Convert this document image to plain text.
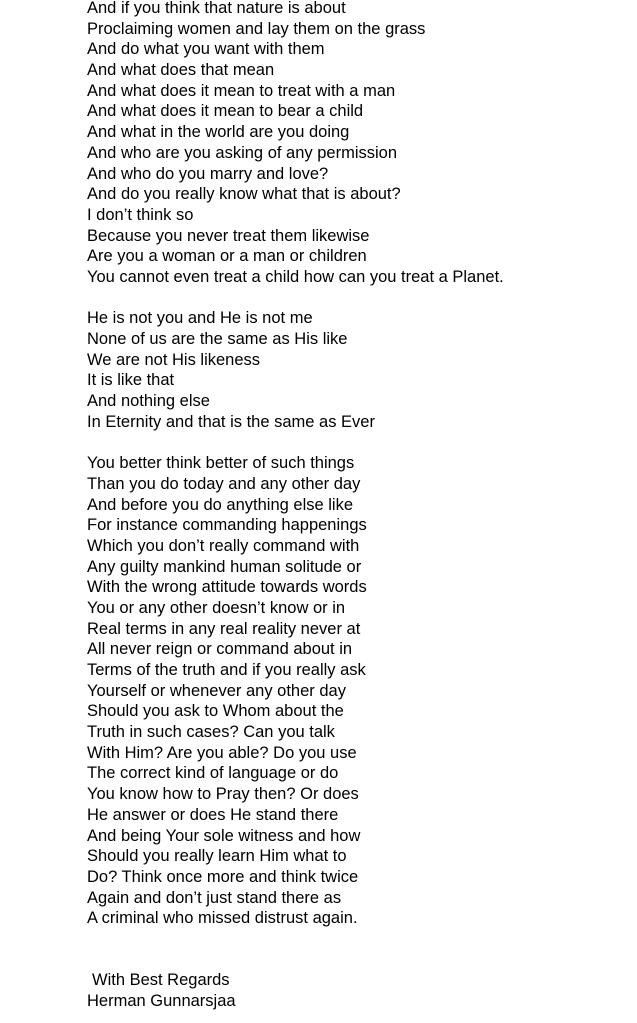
And if you think that nature is about
Proclaiming women and lay them on the grass
And do what you want with them
And what does that mean
And what does it mean to treat with a man
And what does it mean to bear a child
And what in the world are you doing
And who are you asking of any permission
And who do you marry and love?
And do you really know what that is about?
I don’t think so
Because you never treat them likewise
Are you a woman or a man or children
You cannot even treat a child how can you treat a Planet.
He is not you and He is not me
None of us are the same as His like
We are not His likeness
It is like that
And nothing else
In Eternity and that is the same as Ever
You better think better of such things
Than you do today and any other day
And before you do anything else like
For instance commanding happenings
Which you don’t really command with
Any guilty mankind human solitude or
With the wrong attitude towards words
You or any other doesn’t know or in
Real terms in any real reality never at
All never reign or command about in
Terms of the truth and if you really ask
Yourself or whenever any other day
Should you ask to Whom about the
Truth in such cases? Can you talk
With Him? Are you able? Do you use
The correct kind of language or do
You know how to Pray then? Or does
He answer or does He stand there
And being Your sole witness and how
Should you really learn Him what to
Do? Think once more and think twice
Again and don’t just stand there as
A criminal who missed distrust again.
With Best Regards
Herman Gunnarsjaa
